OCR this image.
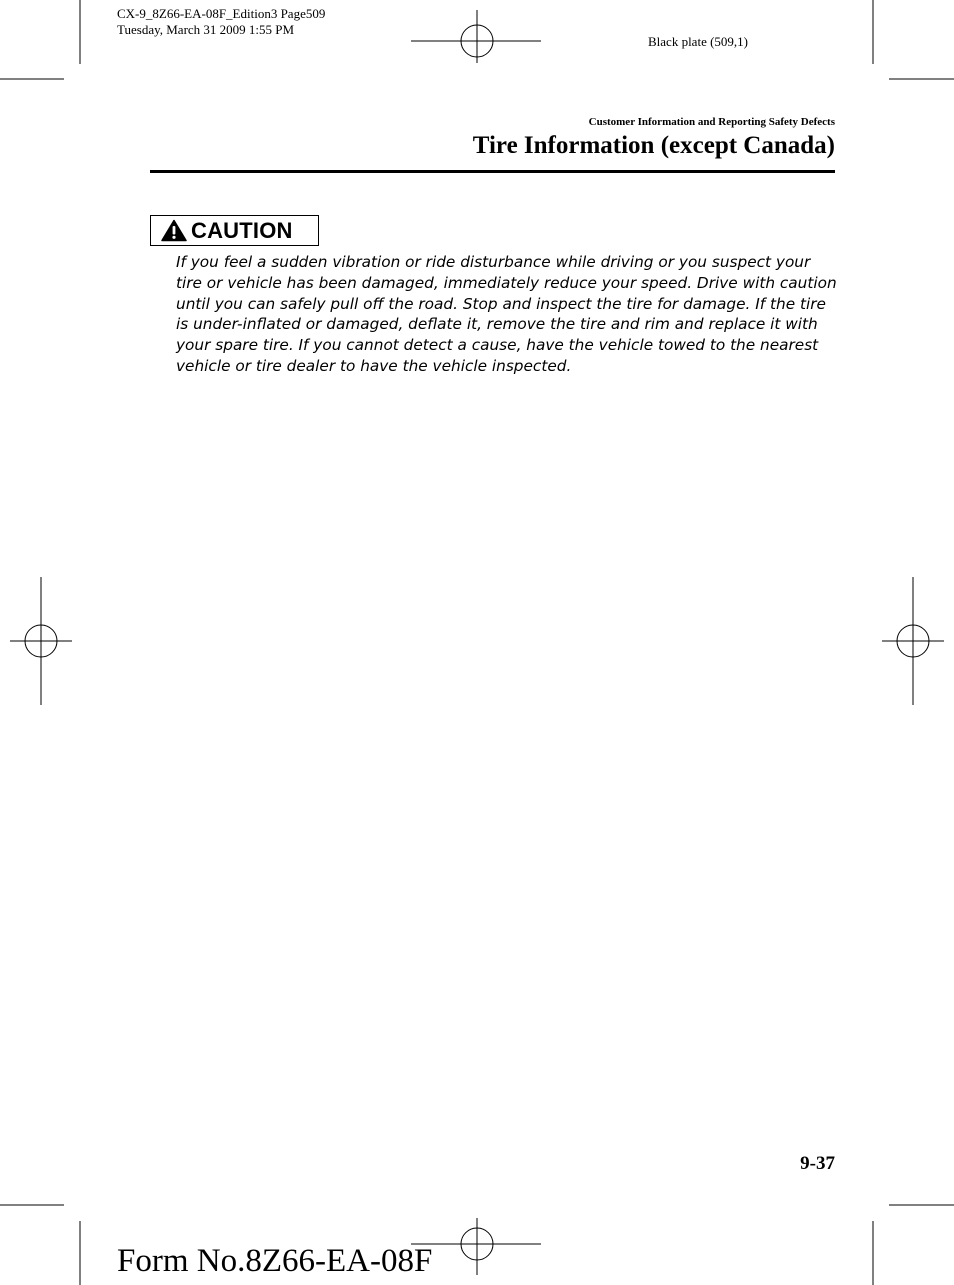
CX-9_8Z66-EA-08F_Edition3 Page509
Tuesday, March 31 2009 1:55 PM
Black plate (509,1)
Customer Information and Reporting Safety Defects
Tire Information (except Canada)
CAUTION
If you feel a sudden vibration or ride disturbance while driving or you suspect your
tire or vehicle has been damaged, immediately reduce your speed. Drive with caution
until you can safely pull off the road. Stop and inspect the tire for damage. If the tire
is under-inflated or damaged, deflate it, remove the tire and rim and replace it with
your spare tire. If you cannot detect a cause, have the vehicle towed to the nearest
vehicle or tire dealer to have the vehicle inspected.
9-37
Form No.8Z66-EA-08F
